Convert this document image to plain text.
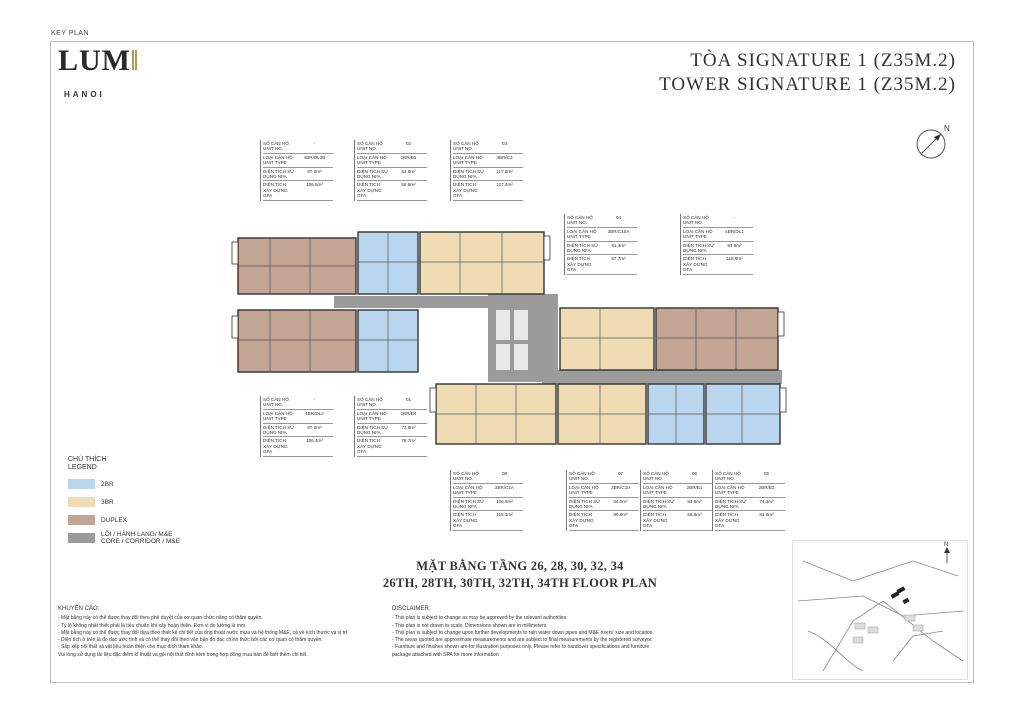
KEY PLAN
LUM
HANOI
TÒA SIGNATURE 1 (Z35M.2)
TOWER SIGNATURE 1 (Z35M.2)
N
SỐ CĂN HỘ UNIT NO.
-
LOẠI CĂN HỘ UNIT TYPE
4BR/DL2B
DIỆN TÍCH SỬ DỤNG NFA
87.0m²
DIỆN TÍCH XÂY DỰNG GFA
106.5m²
SỐ CĂN HỘ UNIT NO.
02
LOẠI CĂN HỘ UNIT TYPE
2BR/B1
DIỆN TÍCH SỬ DỤNG NFA
53.8m²
DIỆN TÍCH XÂY DỰNG GFA
58.8m²
SỐ CĂN HỘ UNIT NO.
03
LOẠI CĂN HỘ UNIT TYPE
3BR/C3
DIỆN TÍCH SỬ DỤNG NFA
117.8m²
DIỆN TÍCH XÂY DỰNG GFA
127.4m²
SỐ CĂN HỘ UNIT NO.
04
LOẠI CĂN HỘ UNIT TYPE
3BR/C10A
DIỆN TÍCH SỬ DỤNG NFA
81.3m²
DIỆN TÍCH XÂY DỰNG GFA
87.7m²
SỐ CĂN HỘ UNIT NO.
-
LOẠI CĂN HỘ UNIT TYPE
4BR/DL1
DIỆN TÍCH SỬ DỤNG NFA
93.9m²
DIỆN TÍCH XÂY DỰNG GFA
118.9m²
SỐ CĂN HỘ UNIT NO.
-
LOẠI CĂN HỘ UNIT TYPE
4BR/DL2
DIỆN TÍCH SỬ DỤNG NFA
87.0m²
DIỆN TÍCH XÂY DỰNG GFA
106.4m²
SỐ CĂN HỘ UNIT NO.
01
LOẠI CĂN HỘ UNIT TYPE
2BR/B4
DIỆN TÍCH SỬ DỤNG NFA
73.9m²
DIỆN TÍCH XÂY DỰNG GFA
79.7m²
SỐ CĂN HỘ UNIT NO.
08
LOẠI CĂN HỘ UNIT TYPE
3BR/C1A
DIỆN TÍCH SỬ DỤNG NFA
106.6m²
DIỆN TÍCH XÂY DỰNG GFA
115.1m²
SỐ CĂN HỘ UNIT NO.
07
LOẠI CĂN HỘ UNIT TYPE
3BR/C10
DIỆN TÍCH SỬ DỤNG NFA
84.0m²
DIỆN TÍCH XÂY DỰNG GFA
90.6m²
SỐ CĂN HỘ UNIT NO.
06
LOẠI CĂN HỘ UNIT TYPE
2BR/B1
DIỆN TÍCH SỬ DỤNG NFA
53.8m²
DIỆN TÍCH XÂY DỰNG GFA
58.8m²
SỐ CĂN HỘ UNIT NO.
05
LOẠI CĂN HỘ UNIT TYPE
2BR/B3
DIỆN TÍCH SỬ DỤNG NFA
74.3m²
DIỆN TÍCH XÂY DỰNG GFA
81.0m²
CHÚ THÍCH
LEGEND
2BR
3BR
DUPLEX
LÕI / HÀNH LANG/ M&E
CORE / CORRIDOR / M&E
MẶT BẰNG TẦNG 26, 28, 30, 32, 34
26TH, 28TH, 30TH, 32TH, 34TH FLOOR PLAN
KHUYẾN CÁO:
- Mặt bằng này có thể được thay đổi theo phê duyệt của cơ quan chức năng có thẩm quyền.
- Tỷ lệ không nhất thiết phải là tiêu chuẩn khi xây hoàn thiện. Đơn vị đo lường là mm.
- Mặt bằng này có thể được thay đổi dựa theo thiết kế chi tiết của ống thoát nước mưa và hệ thống M&E, cả về kích thước và vị trí.
- Diện tích ở trên là đo đạc ước tính và có thể thay đổi theo văn bản đo đạc chính thức bởi các cơ quan có thẩm quyền.
- Sắp xếp nội thất và vật liệu hoàn thiện cho mục đích tham khảo.
Vui lòng sử dụng tài liệu đặc điểm kĩ thuật và gói nội thất đính kèm trong hợp đồng mua bán để biết thêm chi tiết.
DISCLAIMER:
- This plan is subject to change as may be approved by the relevant authorities.
- This plan is not drawn to scale. Dimensions shown are in millimeters.
- This plan is subject to change upon further developments to rain water down pipes and M&E risers' size and location
- The areas quoted are approximate measurements and are subject to final measurements by the registered surveyor.
- Furniture and finishes shown are for illustration purposes only. Please refer to handover specifications and furniture
package attached with SPA for more information
N
